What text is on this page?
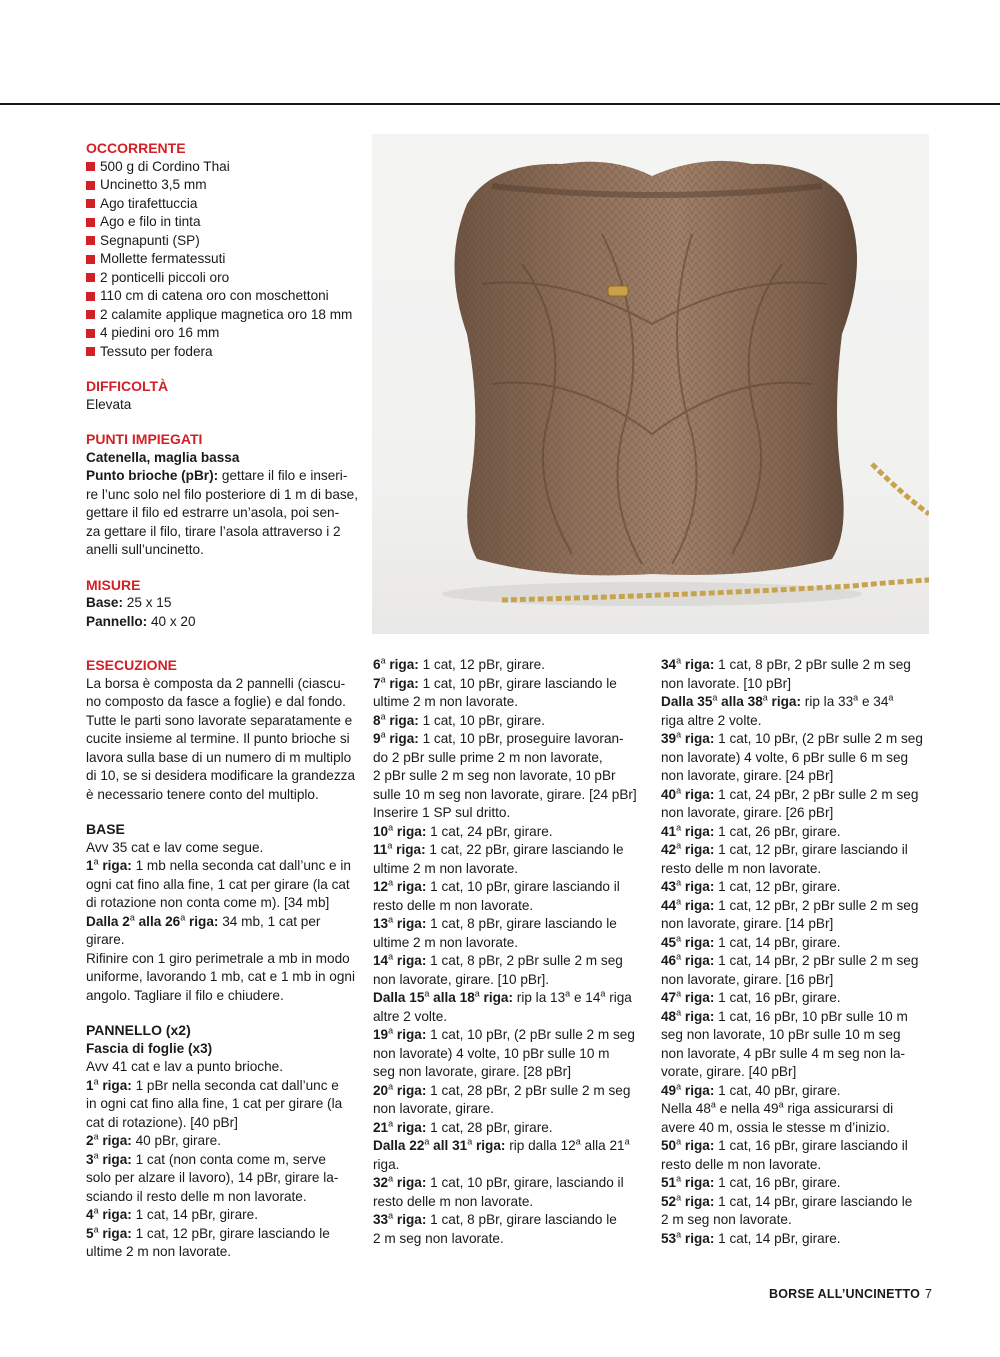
OCCORRENTE

500 g di Cordino Thai
Uncinetto 3,5 mm
Ago tirafettuccia
Ago e filo in tinta
Segnapunti (SP)
Mollette fermatessuti
2 ponticelli piccoli oro
110 cm di catena oro con moschettoni
2 calamite applique magnetica oro 18 mm
4 piedini oro 16 mm
Tessuto per fodera

DIFFICOLTÀ

Elevata

PUNTI IMPIEGATI

Catenella, maglia bassa

Punto brioche (pBr): gettare il filo e inseri-

re l’unc solo nel filo posteriore di 1 m di base,

gettare il filo ed estrarre un’asola, poi sen-

za gettare il filo, tirare l’asola attraverso i 2

anelli sull’uncinetto.

MISURE

Base: 25 x 15

Pannello: 40 x 20

ESECUZIONE

La borsa è composta da 2 pannelli (ciascu-

no composto da fasce a foglie) e dal fondo.

Tutte le parti sono lavorate separatamente e

cucite insieme al termine. Il punto brioche si

lavora sulla base di un numero di m multiplo

di 10, se si desidera modificare la grandezza

è necessario tenere conto del multiplo.

BASE

Avv 35 cat e lav come segue.

1$^a$ riga: 1 mb nella seconda cat dall’unc e in

ogni cat fino alla fine, 1 cat per girare (la cat

di rotazione non conta come m). [34 mb]

Dalla 2$^a$ alla 26$^a$ riga: 34 mb, 1 cat per girare.

Rifinire con 1 giro perimetrale a mb in modo

uniforme, lavorando 1 mb, cat e 1 mb in ogni

angolo. Tagliare il filo e chiudere.

PANNELLO (x2)

Fascia di foglie (x3)

Avv 41 cat e lav a punto brioche.

1$^a$ riga: 1 pBr nella seconda cat dall’unc e

in ogni cat fino alla fine, 1 cat per girare (la

cat di rotazione). [40 pBr]

2$^a$ riga: 40 pBr, girare.

3$^a$ riga: 1 cat (non conta come m, serve

solo per alzare il lavoro), 14 pBr, girare la-

sciando il resto delle m non lavorate.

4$^a$ riga: 1 cat, 14 pBr, girare.

5$^a$ riga: 1 cat, 12 pBr, girare lasciando le

ultime 2 m non lavorate.

6$^a$ riga: 1 cat, 12 pBr, girare.

7$^a$ riga: 1 cat, 10 pBr, girare lasciando le

ultime 2 m non lavorate.

8$^a$ riga: 1 cat, 10 pBr, girare.

9$^a$ riga: 1 cat, 10 pBr, proseguire lavoran-

do 2 pBr sulle prime 2 m non lavorate,

2 pBr sulle 2 m seg non lavorate, 10 pBr

sulle 10 m seg non lavorate, girare. [24 pBr]

Inserire 1 SP sul dritto.

10$^a$ riga: 1 cat, 24 pBr, girare.

11$^a$ riga: 1 cat, 22 pBr, girare lasciando le

ultime 2 m non lavorate.

12$^a$ riga: 1 cat, 10 pBr, girare lasciando il

resto delle m non lavorate.

13$^a$ riga: 1 cat, 8 pBr, girare lasciando le

ultime 2 m non lavorate.

14$^a$ riga: 1 cat, 8 pBr, 2 pBr sulle 2 m seg

non lavorate, girare. [10 pBr].

Dalla 15$^a$ alla 18$^a$ riga: rip la 13$^a$ e 14$^a$ riga

altre 2 volte.

19$^a$ riga: 1 cat, 10 pBr, (2 pBr sulle 2 m seg

non lavorate) 4 volte, 10 pBr sulle 10 m

seg non lavorate, girare. [28 pBr]

20$^a$ riga: 1 cat, 28 pBr, 2 pBr sulle 2 m seg

non lavorate, girare.

21$^a$ riga: 1 cat, 28 pBr, girare.

Dalla 22$^a$ all 31$^a$ riga: rip dalla 12$^a$ alla 21$^a$

riga.

32$^a$ riga: 1 cat, 10 pBr, girare, lasciando il

resto delle m non lavorate.

33$^a$ riga: 1 cat, 8 pBr, girare lasciando le

2 m seg non lavorate.

34$^a$ riga: 1 cat, 8 pBr, 2 pBr sulle 2 m seg

non lavorate. [10 pBr]

Dalla 35$^a$ alla 38$^a$ riga: rip la 33$^a$ e 34$^a$

riga altre 2 volte.

39$^a$ riga: 1 cat, 10 pBr, (2 pBr sulle 2 m seg

non lavorate) 4 volte, 6 pBr sulle 6 m seg

non lavorate, girare. [24 pBr]

40$^a$ riga: 1 cat, 24 pBr, 2 pBr sulle 2 m seg

non lavorate, girare. [26 pBr]

41$^a$ riga: 1 cat, 26 pBr, girare.

42$^a$ riga: 1 cat, 12 pBr, girare lasciando il

resto delle m non lavorate.

43$^a$ riga: 1 cat, 12 pBr, girare.

44$^a$ riga: 1 cat, 12 pBr, 2 pBr sulle 2 m seg

non lavorate, girare. [14 pBr]

45$^a$ riga: 1 cat, 14 pBr, girare.

46$^a$ riga: 1 cat, 14 pBr, 2 pBr sulle 2 m seg

non lavorate, girare. [16 pBr]

47$^a$ riga: 1 cat, 16 pBr, girare.

48$^a$ riga: 1 cat, 16 pBr, 10 pBr sulle 10 m

seg non lavorate, 10 pBr sulle 10 m seg

non lavorate, 4 pBr sulle 4 m seg non la-

vorate, girare. [40 pBr]

49$^a$ riga: 1 cat, 40 pBr, girare.

Nella 48$^a$ e nella 49$^a$ riga assicurarsi di

avere 40 m, ossia le stesse m d’inizio.

50$^a$ riga: 1 cat, 16 pBr, girare lasciando il

resto delle m non lavorate.

51$^a$ riga: 1 cat, 16 pBr, girare.

52$^a$ riga: 1 cat, 14 pBr, girare lasciando le

2 m seg non lavorate.

53$^a$ riga: 1 cat, 14 pBr, girare.

BORSE ALL’UNCINETTO 7
